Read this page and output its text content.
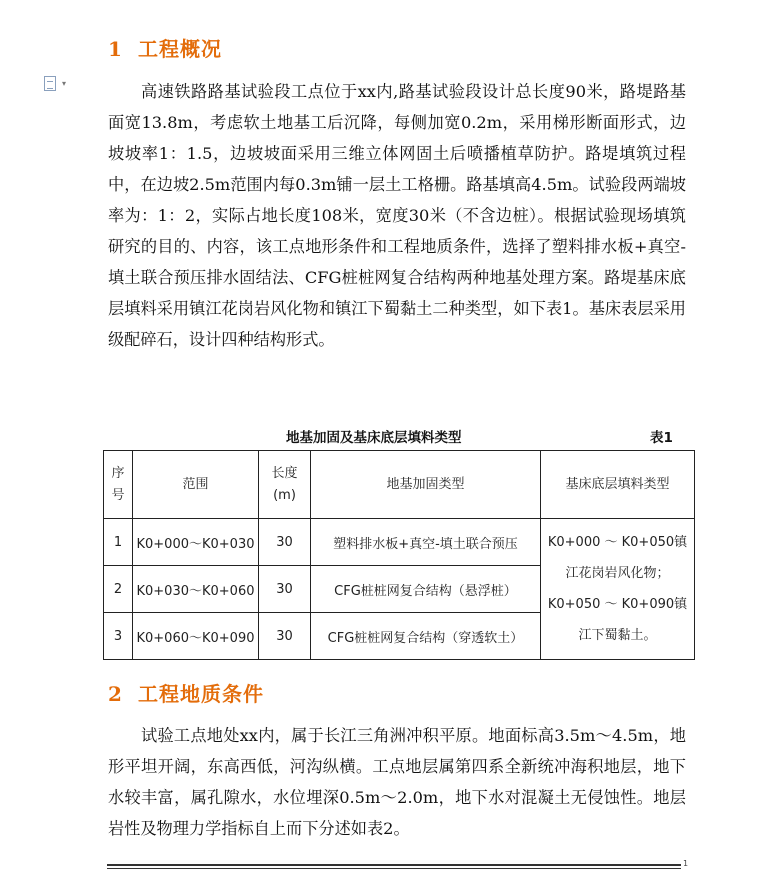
▾
1 工程概况

高速铁路路基试验段工点位于xx内,路基试验段设计总长度90米，路堤路基面宽13.8m，考虑软土地基工后沉降，每侧加宽0.2m，采用梯形断面形式，边坡坡率1：1.5，边坡坡面采用三维立体网固土后喷播植草防护。路堤填筑过程中，在边坡2.5m范围内每0.3m铺一层土工格栅。路基填高4.5m。试验段两端坡率为：1：2，实际占地长度108米，宽度30米（不含边桩）。根据试验现场填筑研究的目的、内容，该工点地形条件和工程地质条件，选择了塑料排水板+真空-填土联合预压排水固结法、CFG桩桩网复合结构两种地基处理方案。路堤基床底层填料采用镇江花岗岩风化物和镇江下蜀黏土二种类型，如下表1。基床表层采用级配碎石，设计四种结构形式。

地基加固及基床底层填料类型	表1
序号	范围	长度(m)	地基加固类型	基床底层填料类型
1	K0+000～K0+030	30	塑料排水板+真空-填土联合预压	K0+000 ～ K0+050镇江花岗岩风化物；K0+050 ～ K0+090镇江下蜀黏土。
2	K0+030～K0+060	30	CFG桩桩网复合结构（悬浮桩）	
3	K0+060～K0+090	30	CFG桩桩网复合结构（穿透软土）	
2 工程地质条件

试验工点地处xx内，属于长江三角洲冲积平原。地面标高3.5m～4.5m，地形平坦开阔，东高西低，河沟纵横。工点地层属第四系全新统冲海积地层，地下水较丰富，属孔隙水，水位埋深0.5m～2.0m，地下水对混凝土无侵蚀性。地层岩性及物理力学指标自上而下分述如表2。

1
